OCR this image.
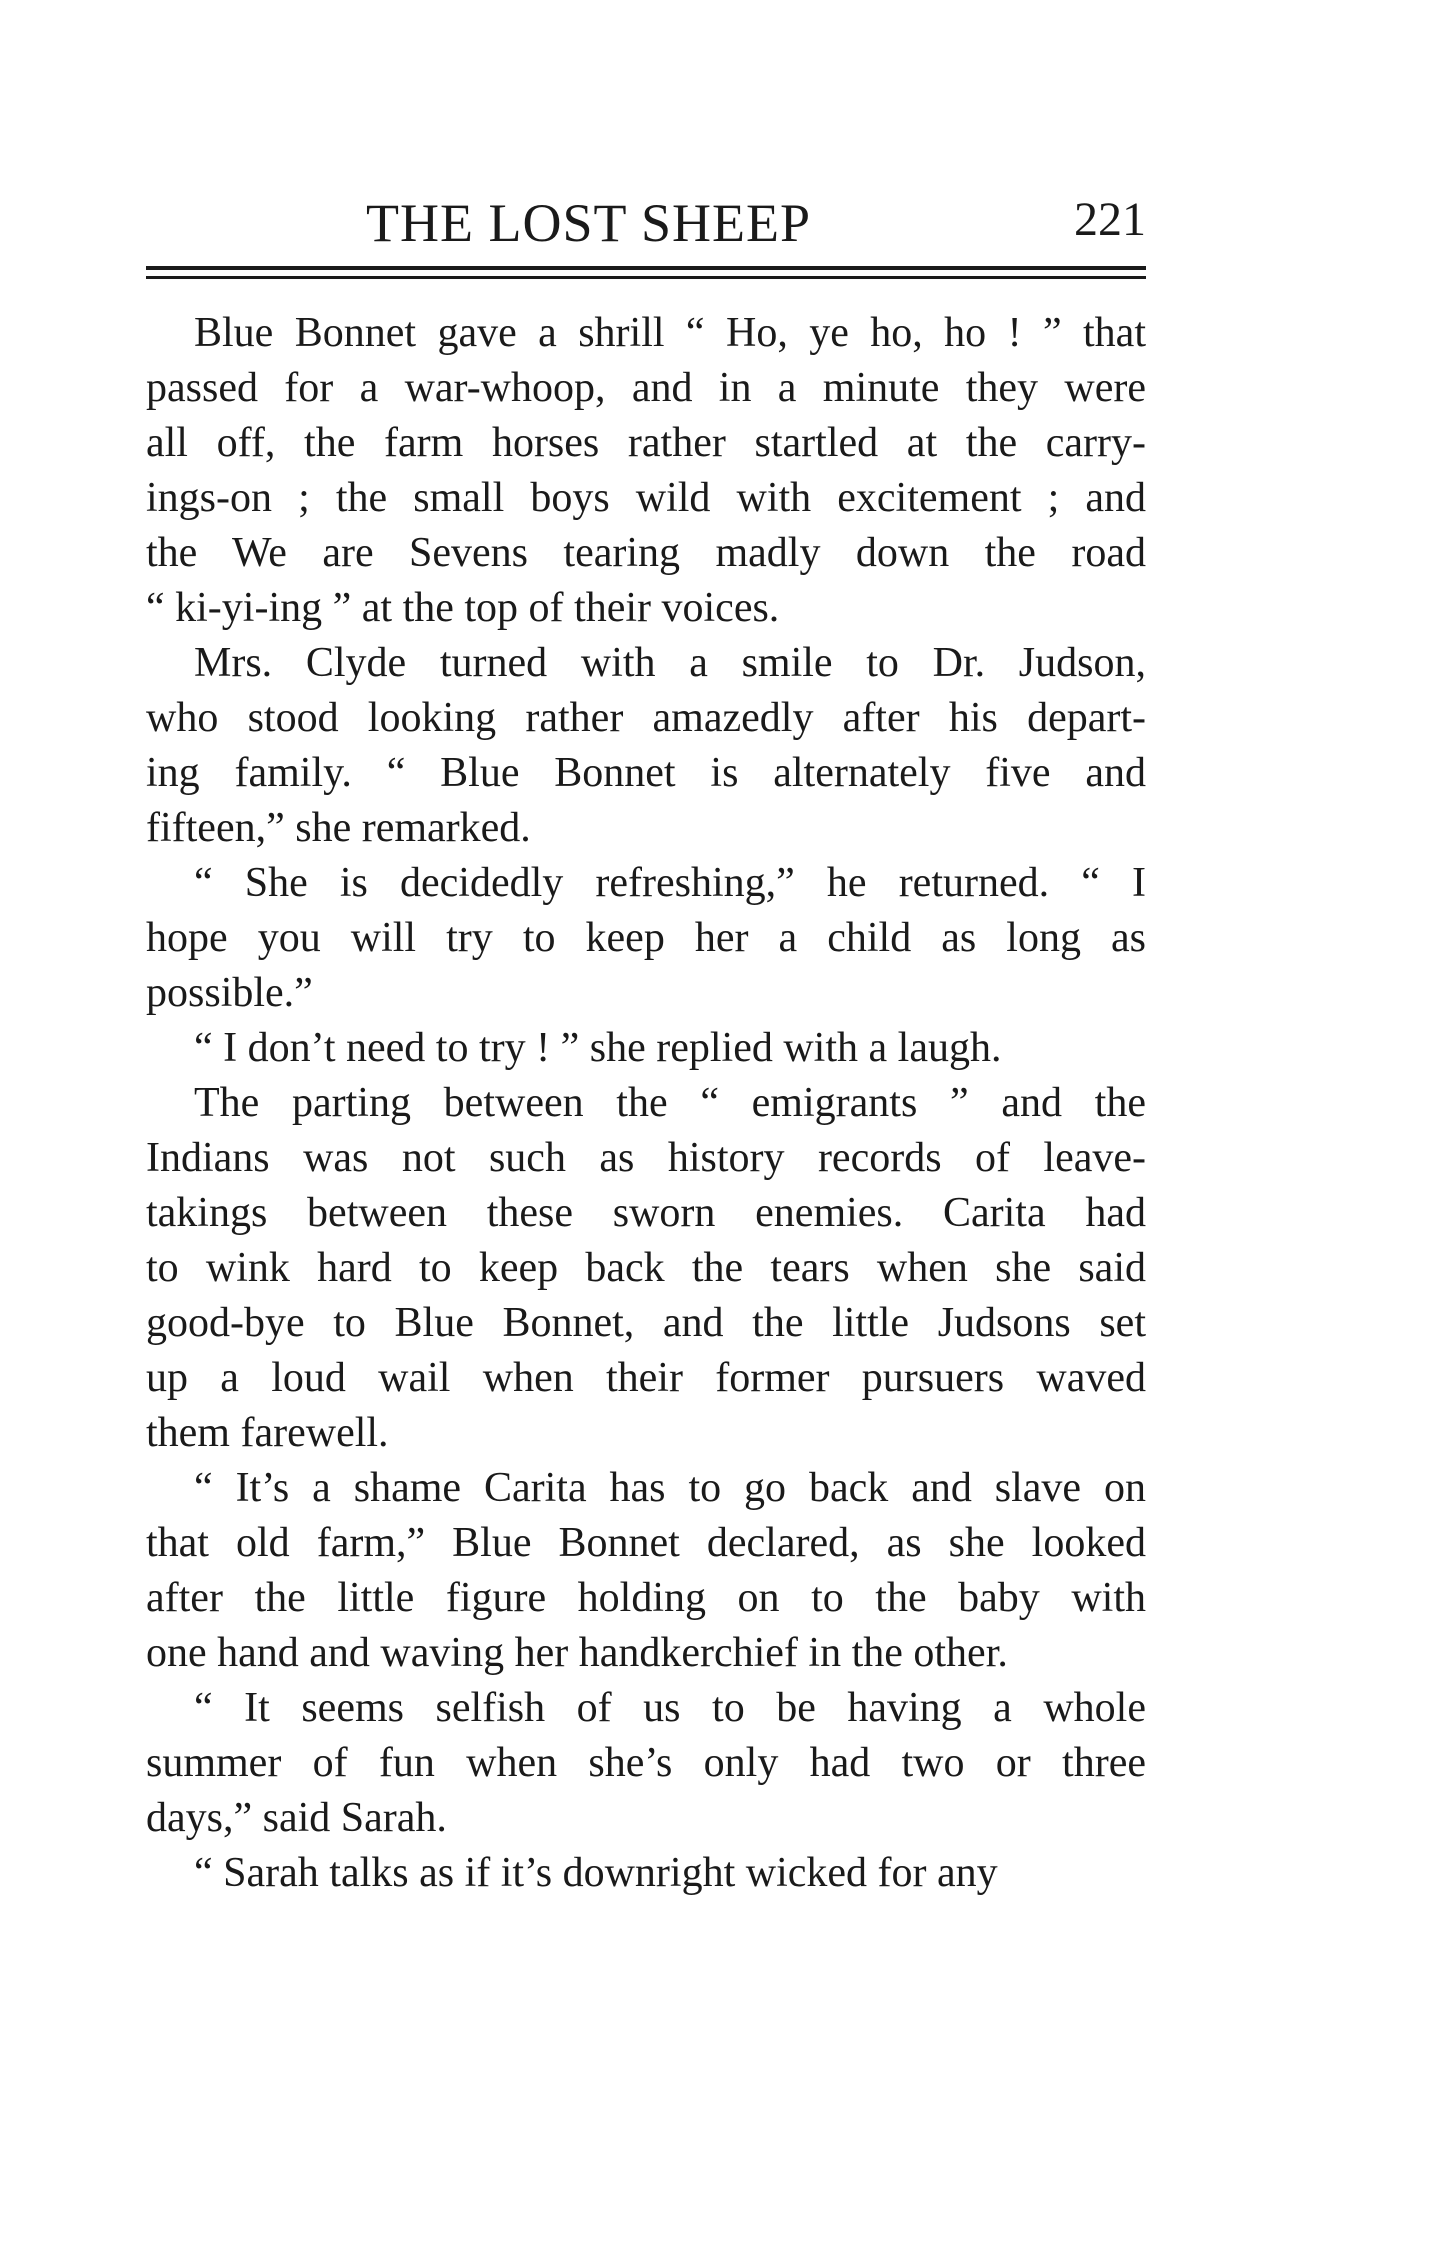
THE LOST SHEEP	221
Blue Bonnet gave a shrill “ Ho, ye ho, ho ! ” that
passed for a war-whoop, and in a minute they were
all off, the farm horses rather startled at the carry-
ings-on ; the small boys wild with excitement ; and
the We are Sevens tearing madly down the road
“ ki-yi-ing ” at the top of their voices.
Mrs. Clyde turned with a smile to Dr. Judson,
who stood looking rather amazedly after his depart-
ing family. “ Blue Bonnet is alternately five and
fifteen,” she remarked.
“ She is decidedly refreshing,” he returned. “ I
hope you will try to keep her a child as long as
possible.”
“ I don’t need to try ! ” she replied with a laugh.
The parting between the “ emigrants ” and the
Indians was not such as history records of leave-
takings between these sworn enemies. Carita had
to wink hard to keep back the tears when she said
good-bye to Blue Bonnet, and the little Judsons set
up a loud wail when their former pursuers waved
them farewell.
“ It’s a shame Carita has to go back and slave on
that old farm,” Blue Bonnet declared, as she looked
after the little figure holding on to the baby with
one hand and waving her handkerchief in the other.
“ It seems selfish of us to be having a whole
summer of fun when she’s only had two or three
days,” said Sarah.
“ Sarah talks as if it’s downright wicked for any
